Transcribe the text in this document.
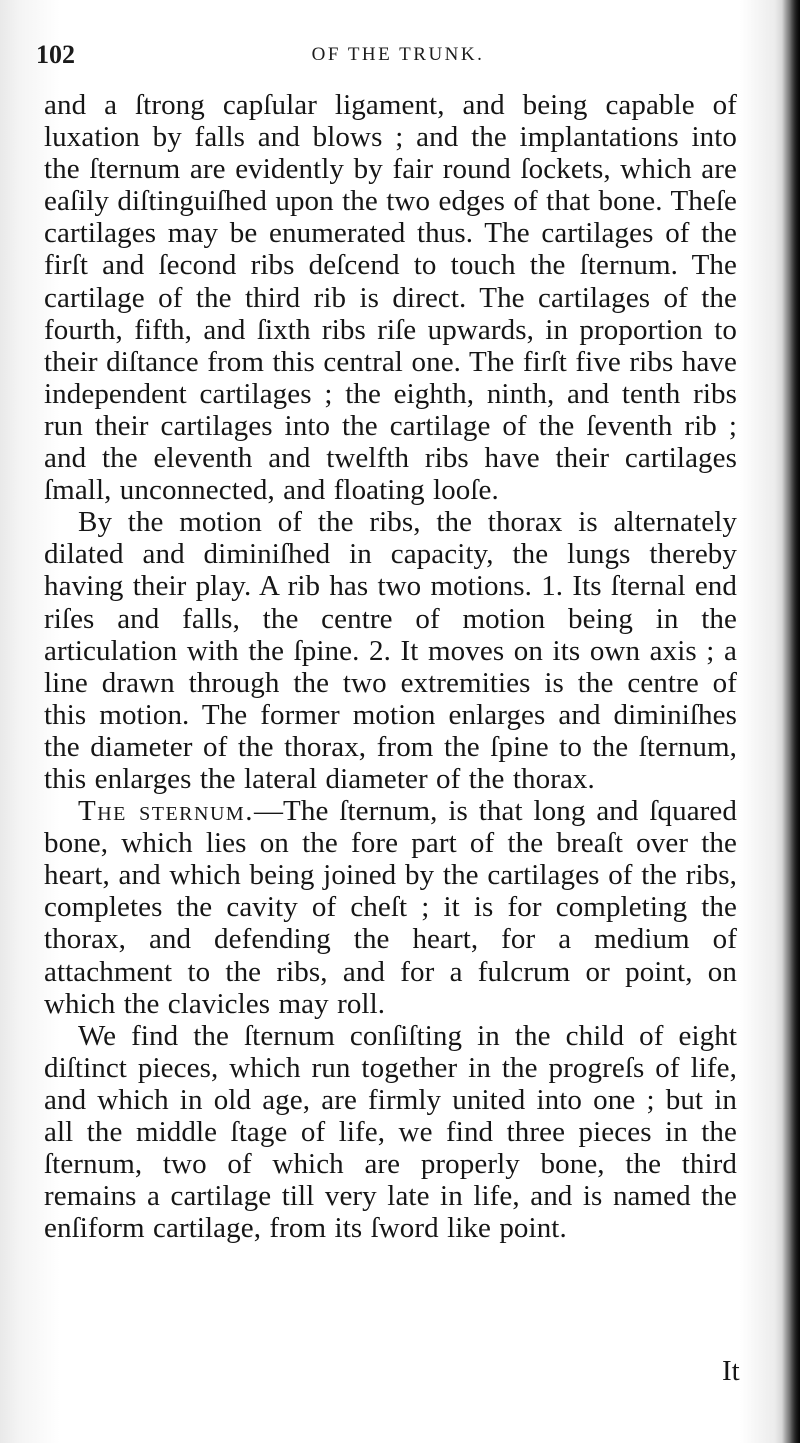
102	OF THE TRUNK.

and a ſtrong capſular ligament, and being capable of luxation by falls and blows ; and the implantations into the ſternum are evidently by fair round ſockets, which are eaſily diſtinguiſhed upon the two edges of that bone. Theſe cartilages may be enumerated thus. The cartilages of the firſt and ſecond ribs deſcend to touch the ſternum. The cartilage of the third rib is direct. The cartilages of the fourth, fifth, and ſixth ribs riſe upwards, in proportion to their diſtance from this central one. The firſt five ribs have independent cartilages ; the eighth, ninth, and tenth ribs run their cartilages into the cartilage of the ſeventh rib ; and the eleventh and twelfth ribs have their cartilages ſmall, unconnected, and floating looſe.

By the motion of the ribs, the thorax is alternately dilated and diminiſhed in capacity, the lungs thereby having their play. A rib has two motions. 1. Its ſternal end riſes and falls, the centre of motion being in the articulation with the ſpine. 2. It moves on its own axis ; a line drawn through the two extremities is the centre of this motion. The former motion enlarges and diminiſhes the diameter of the thorax, from the ſpine to the ſternum, this enlarges the lateral diameter of the thorax.

The sternum.—The ſternum, is that long and ſquared bone, which lies on the fore part of the breaſt over the heart, and which being joined by the cartilages of the ribs, completes the cavity of cheſt ; it is for completing the thorax, and defending the heart, for a medium of attachment to the ribs, and for a fulcrum or point, on which the clavicles may roll.

We find the ſternum conſiſting in the child of eight diſtinct pieces, which run together in the progreſs of life, and which in old age, are firmly united into one ; but in all the middle ſtage of life, we find three pieces in the ſternum, two of which are properly bone, the third remains a cartilage till very late in life, and is named the enſiform cartilage, from its ſword like point.

It
